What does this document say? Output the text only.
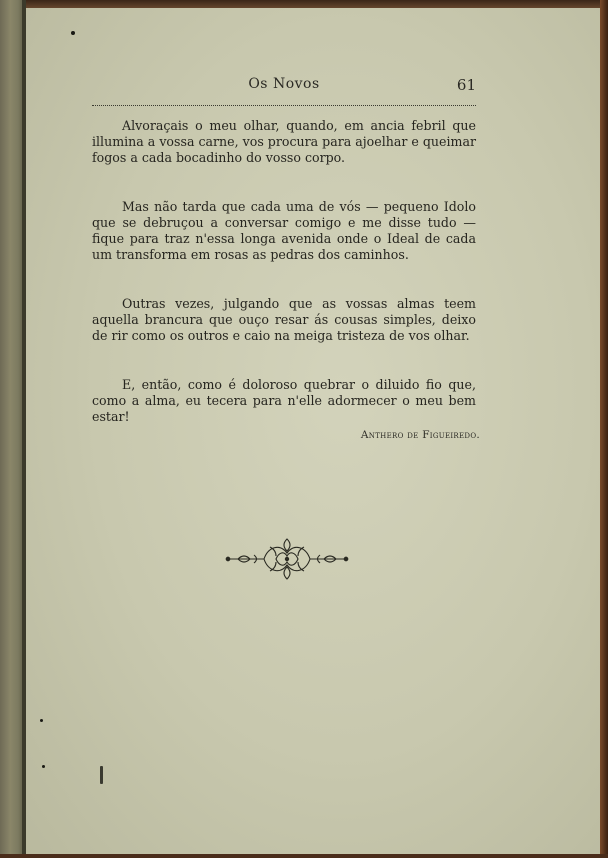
Os Novos	61

Alvoraçais o meu olhar, quando, em ancia febril que illumina a vossa carne, vos procura para ajoelhar e queimar fogos a cada bocadinho do vosso corpo.

Mas não tarda que cada uma de vós — pequeno Idolo que se debruçou a conversar comigo e me disse tudo — fique para traz n'essa longa avenida onde o Ideal de cada um transforma em rosas as pedras dos caminhos.

Outras vezes, julgando que as vossas almas teem aquella brancura que ouço resar ás cousas simples, deixo de rir como os outros e caio na meiga tristeza de vos olhar.

E, então, como é doloroso quebrar o diluido fio que, como a alma, eu tecera para n'elle adormecer o meu bem estar!

Anthero de Figueiredo.
